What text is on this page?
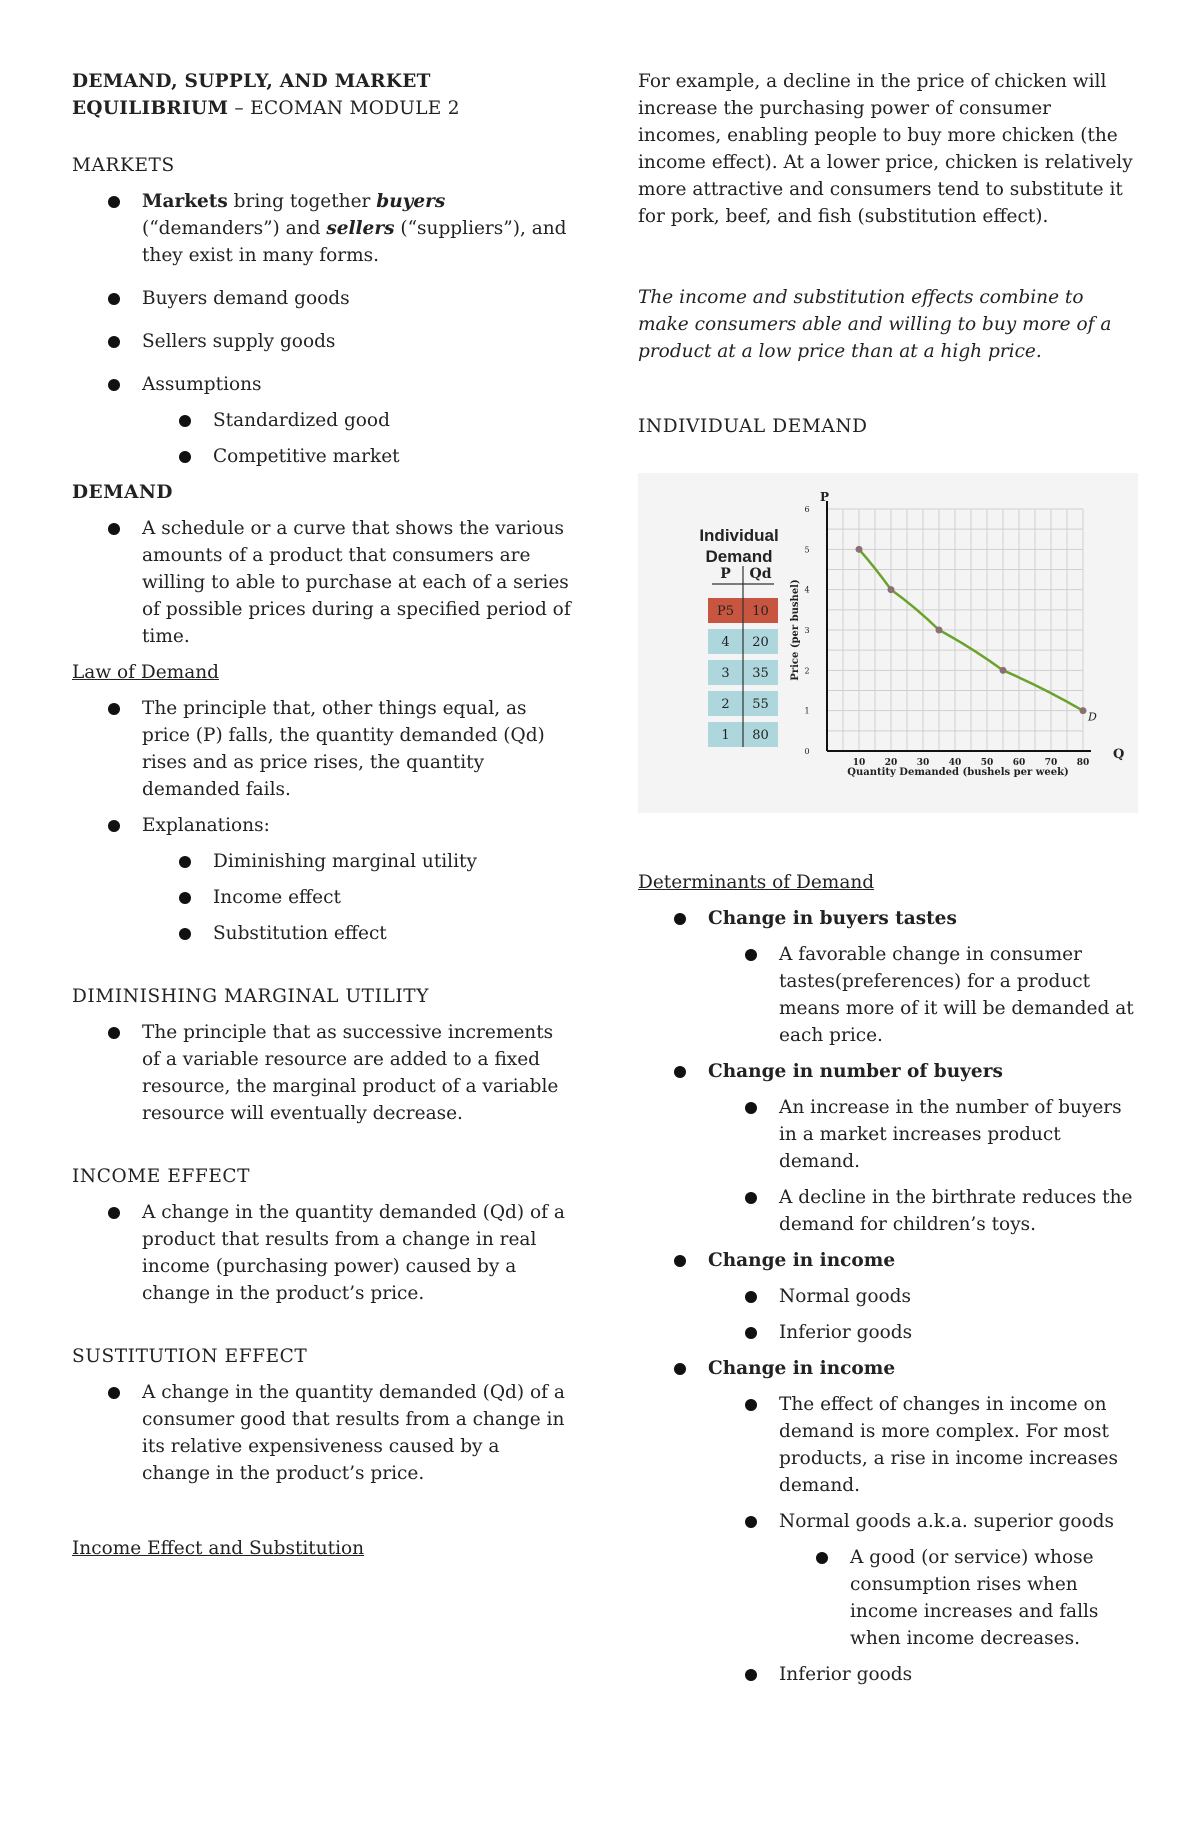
DEMAND, SUPPLY, AND MARKET
EQUILIBRIUM – ECOMAN MODULE 2
MARKETS
Markets bring together buyers (“demanders”) and sellers (“suppliers”), and they exist in many forms.
Buyers demand goods
Sellers supply goods
Assumptions
Standardized good
Competitive market
DEMAND
A schedule or a curve that shows the various amounts of a product that consumers are willing to able to purchase at each of a series of possible prices during a specified period of time.
Law of Demand
The principle that, other things equal, as price (P) falls, the quantity demanded (Qd) rises and as price rises, the quantity demanded fails.
Explanations:
Diminishing marginal utility
Income effect
Substitution effect
DIMINISHING MARGINAL UTILITY
The principle that as successive increments of a variable resource are added to a fixed resource, the marginal product of a variable resource will eventually decrease.
INCOME EFFECT
A change in the quantity demanded (Qd) of a product that results from a change in real income (purchasing power) caused by a change in the product’s price.
SUSTITUTION EFFECT
A change in the quantity demanded (Qd) of a consumer good that results from a change in its relative expensiveness caused by a change in the product’s price.
Income Effect and Substitution
For example, a decline in the price of chicken will increase the purchasing power of consumer incomes, enabling people to buy more chicken (the income effect). At a lower price, chicken is relatively more attractive and consumers tend to substitute it for pork, beef, and fish (substitution effect).
The income and substitution effects combine to make consumers able and willing to buy more of a product at a low price than at a high price.
INDIVIDUAL DEMAND
Individual
Demand
P Qd
P5 10
4 20
3 35
2 55
1 80
Q
P
10 20 30 40 50 60 70 80
0
1
2
3
4
5
6
Quantity Demanded (bushels per week)
Price (per bushel)
D
Determinants of Demand
Change in buyers tastes
A favorable change in consumer tastes(preferences) for a product means more of it will be demanded at each price.
Change in number of buyers
An increase in the number of buyers in a market increases product demand.
A decline in the birthrate reduces the demand for children’s toys.
Change in income
Normal goods
Inferior goods
Change in income
The effect of changes in income on demand is more complex. For most products, a rise in income increases demand.
Normal goods a.k.a. superior goods
A good (or service) whose consumption rises when income increases and falls when income decreases.
Inferior goods
